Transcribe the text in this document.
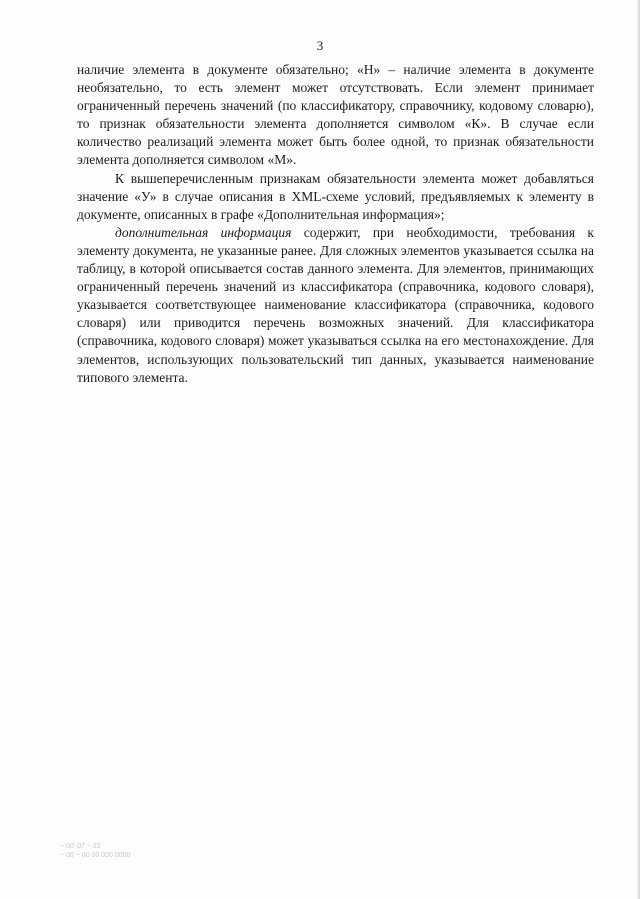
3

наличие элемента в документе обязательно; «Н» – наличие элемента в документе необязательно, то есть элемент может отсутствовать. Если элемент принимает ограниченный перечень значений (по классификатору, справочнику, кодовому словарю), то признак обязательности элемента дополняется символом «К». В случае если количество реализаций элемента может быть более одной, то признак обязательности элемента дополняется символом «М».

К вышеперечисленным признакам обязательности элемента может добавляться значение «У» в случае описания в XML-схеме условий, предъявляемых к элементу в документе, описанных в графе «Дополнительная информация»;

дополнительная информация содержит, при необходимости, требования к элементу документа, не указанные ранее. Для сложных элементов указывается ссылка на таблицу, в которой описывается состав данного элемента. Для элементов, принимающих ограниченный перечень значений из классификатора (справочника, кодового словаря), указывается соответствующее наименование классификатора (справочника, кодового словаря) или приводится перечень возможных значений. Для классификатора (справочника, кодового словаря) может указываться ссылка на его местонахождение. Для элементов, использующих пользовательский тип данных, указывается наименование типового элемента.

~ 00' 07 ~ 22
~ 00 ~ 00 00 000 0000
